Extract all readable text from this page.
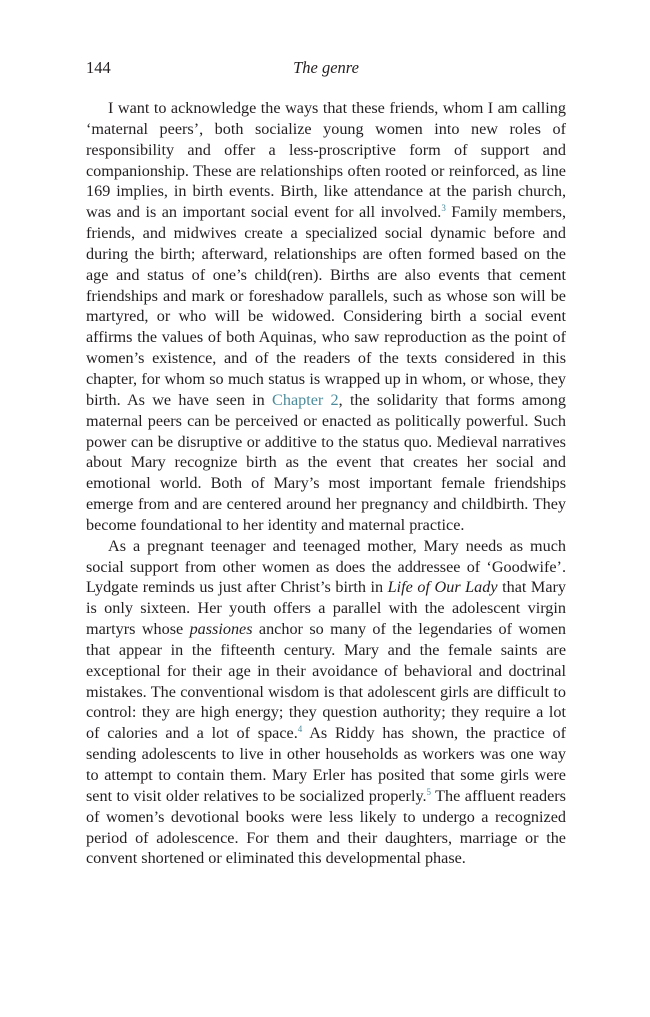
144	The genre

I want to acknowledge the ways that these friends, whom I am calling ‘maternal peers’, both socialize young women into new roles of responsibility and offer a less-proscriptive form of support and companionship. These are relationships often rooted or reinforced, as line 169 implies, in birth events. Birth, like attendance at the parish church, was and is an important social event for all involved.$^3$ Family members, friends, and midwives create a specialized social dynamic before and during the birth; afterward, relationships are often formed based on the age and status of one’s child(ren). Births are also events that cement friendships and mark or foreshadow parallels, such as whose son will be martyred, or who will be widowed. Considering birth a social event affirms the values of both Aquinas, who saw reproduction as the point of women’s existence, and of the readers of the texts considered in this chapter, for whom so much status is wrapped up in whom, or whose, they birth. As we have seen in Chapter 2, the solidarity that forms among maternal peers can be perceived or enacted as politically powerful. Such power can be disruptive or additive to the status quo. Medieval narratives about Mary recognize birth as the event that creates her social and emotional world. Both of Mary’s most important female friendships emerge from and are centered around her pregnancy and childbirth. They become foundational to her identity and maternal practice.

As a pregnant teenager and teenaged mother, Mary needs as much social support from other women as does the addressee of ‘Goodwife’. Lydgate reminds us just after Christ’s birth in Life of Our Lady that Mary is only sixteen. Her youth offers a parallel with the adolescent virgin martyrs whose passiones anchor so many of the legendaries of women that appear in the fifteenth century. Mary and the female saints are exceptional for their age in their avoidance of behavioral and doctrinal mistakes. The conventional wisdom is that adolescent girls are difficult to control: they are high energy; they question authority; they require a lot of calories and a lot of space.$^4$ As Riddy has shown, the practice of sending adolescents to live in other households as workers was one way to attempt to contain them. Mary Erler has posited that some girls were sent to visit older relatives to be socialized properly.$^5$ The affluent readers of women’s devotional books were less likely to undergo a recognized period of adolescence. For them and their daughters, marriage or the convent shortened or eliminated this developmental phase.
